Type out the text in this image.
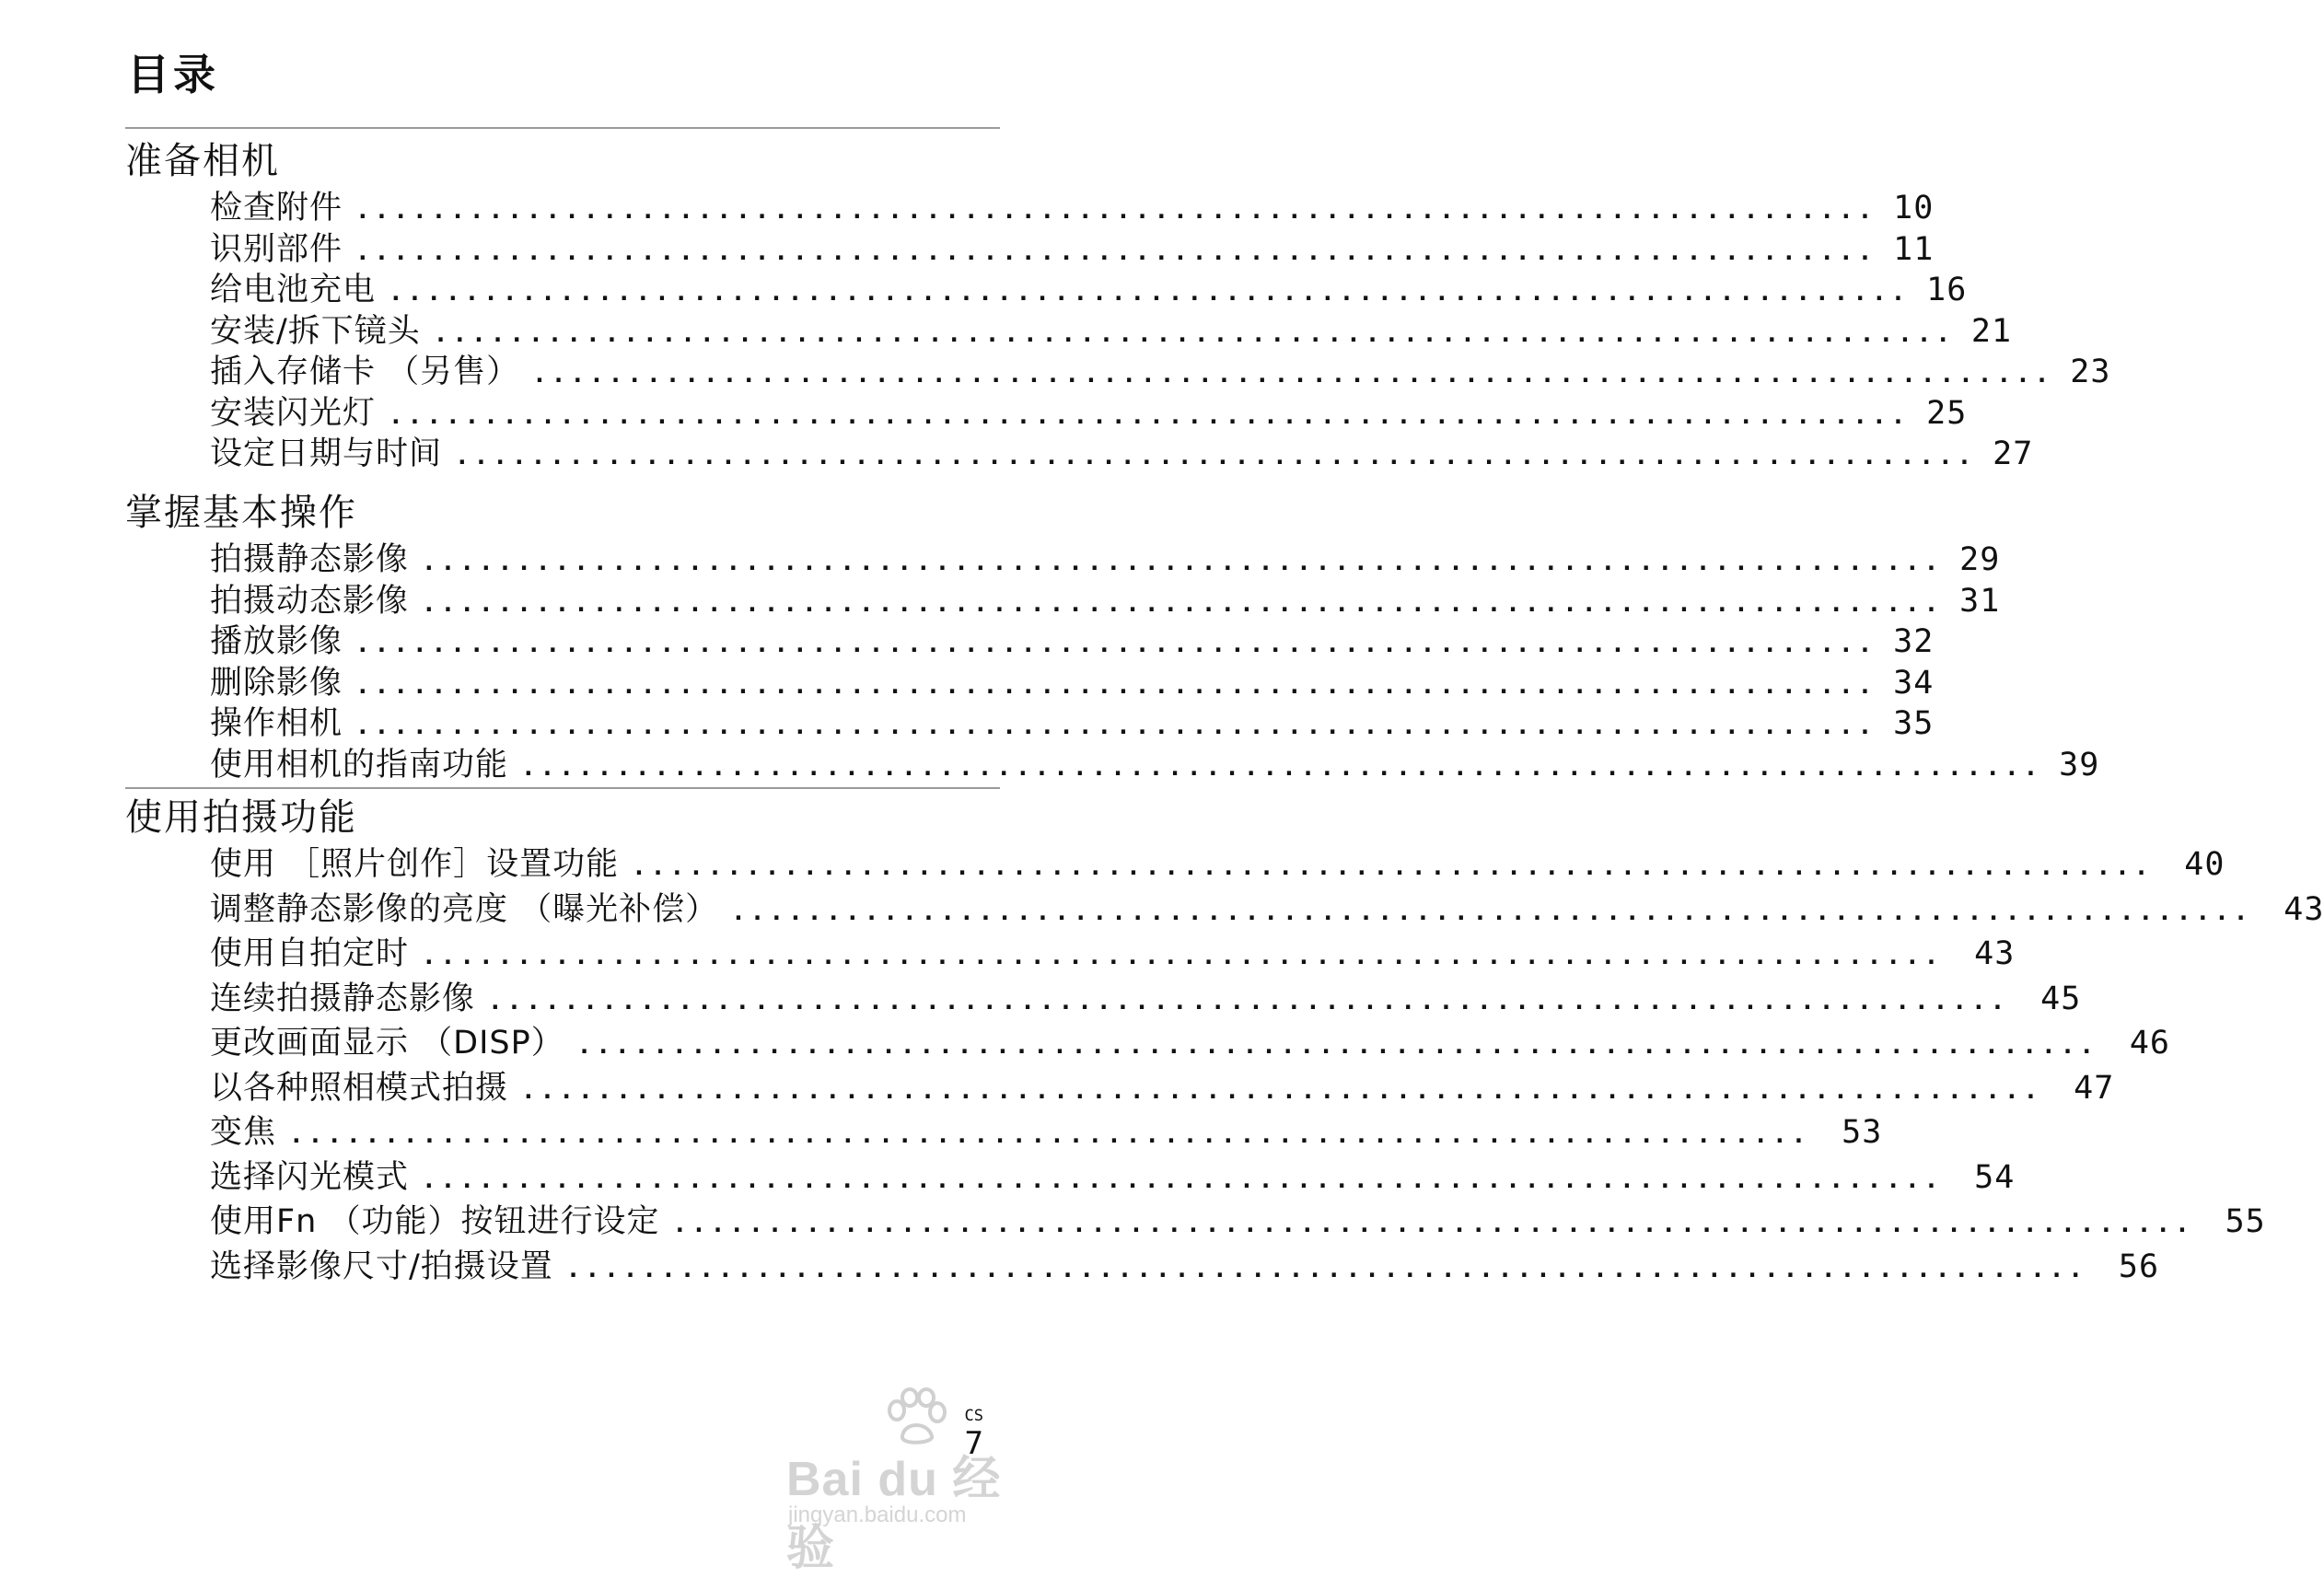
目录
准备相机
检查附件 ................................................................................ 10
识别部件 ................................................................................ 11
给电池充电 ................................................................................ 16
安装/拆下镜头 ................................................................................ 21
插入存储卡 （另售） ................................................................................ 23
安装闪光灯 ................................................................................ 25
设定日期与时间 ................................................................................ 27
掌握基本操作
拍摄静态影像 ................................................................................ 29
拍摄动态影像 ................................................................................ 31
播放影像 ................................................................................ 32
删除影像 ................................................................................ 34
操作相机 ................................................................................ 35
使用相机的指南功能 ................................................................................ 39
使用拍摄功能
使用 ［照片创作］设置功能 ................................................................................ 40
调整静态影像的亮度 （曝光补偿） ................................................................................ 43
使用自拍定时 ................................................................................ 43
连续拍摄静态影像 ................................................................................ 45
更改画面显示 （DISP） ................................................................................ 46
以各种照相模式拍摄 ................................................................................ 47
变焦 ................................................................................ 53
选择闪光模式 ................................................................................ 54
使用Fn （功能）按钮进行设定 ................................................................................ 55
选择影像尺寸/拍摄设置 ................................................................................ 56
CS
7
Bai du 经验
jingyan.baidu.com
